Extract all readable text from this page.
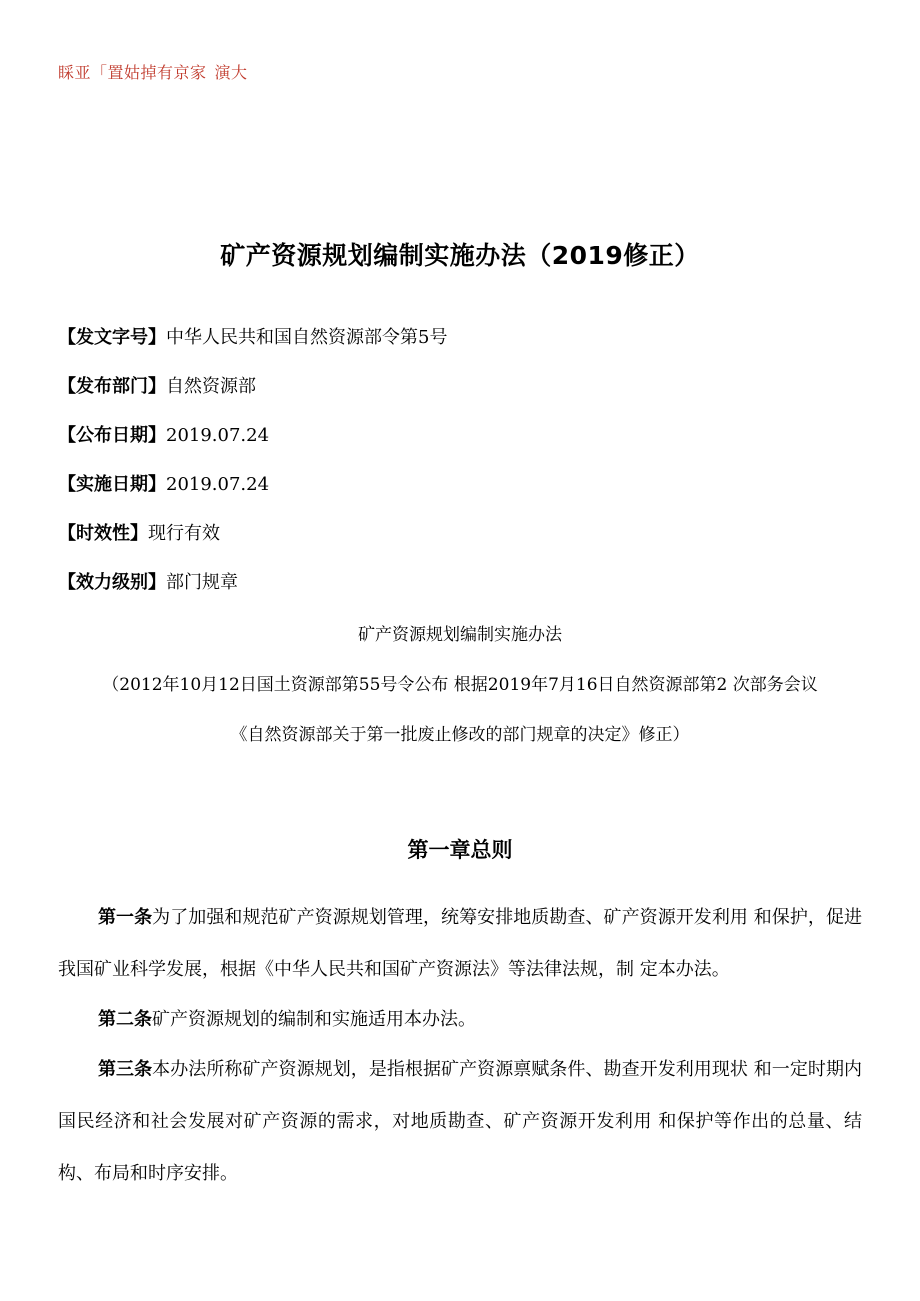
睬亚「置姑掉有京家 演大
矿产资源规划编制实施办法（2019修正）
【发文字号】中华人民共和国自然资源部令第5号
【发布部门】自然资源部
【公布日期】2019.07.24
【实施日期】2019.07.24
【时效性】现行有效
【效力级别】部门规章
矿产资源规划编制实施办法
（2012年10月12日国土资源部第55号令公布 根据2019年7月16日自然资源部第2 次部务会议
《自然资源部关于第一批废止修改的部门规章的决定》修正）
第一章总则
第一条为了加强和规范矿产资源规划管理，统筹安排地质勘查、矿产资源开发利用 和保护，促进我国矿业科学发展，根据《中华人民共和国矿产资源法》等法律法规，制 定本办法。
第二条矿产资源规划的编制和实施适用本办法。
第三条本办法所称矿产资源规划，是指根据矿产资源禀赋条件、勘查开发利用现状 和一定时期内国民经济和社会发展对矿产资源的需求，对地质勘查、矿产资源开发利用 和保护等作出的总量、结构、布局和时序安排。
